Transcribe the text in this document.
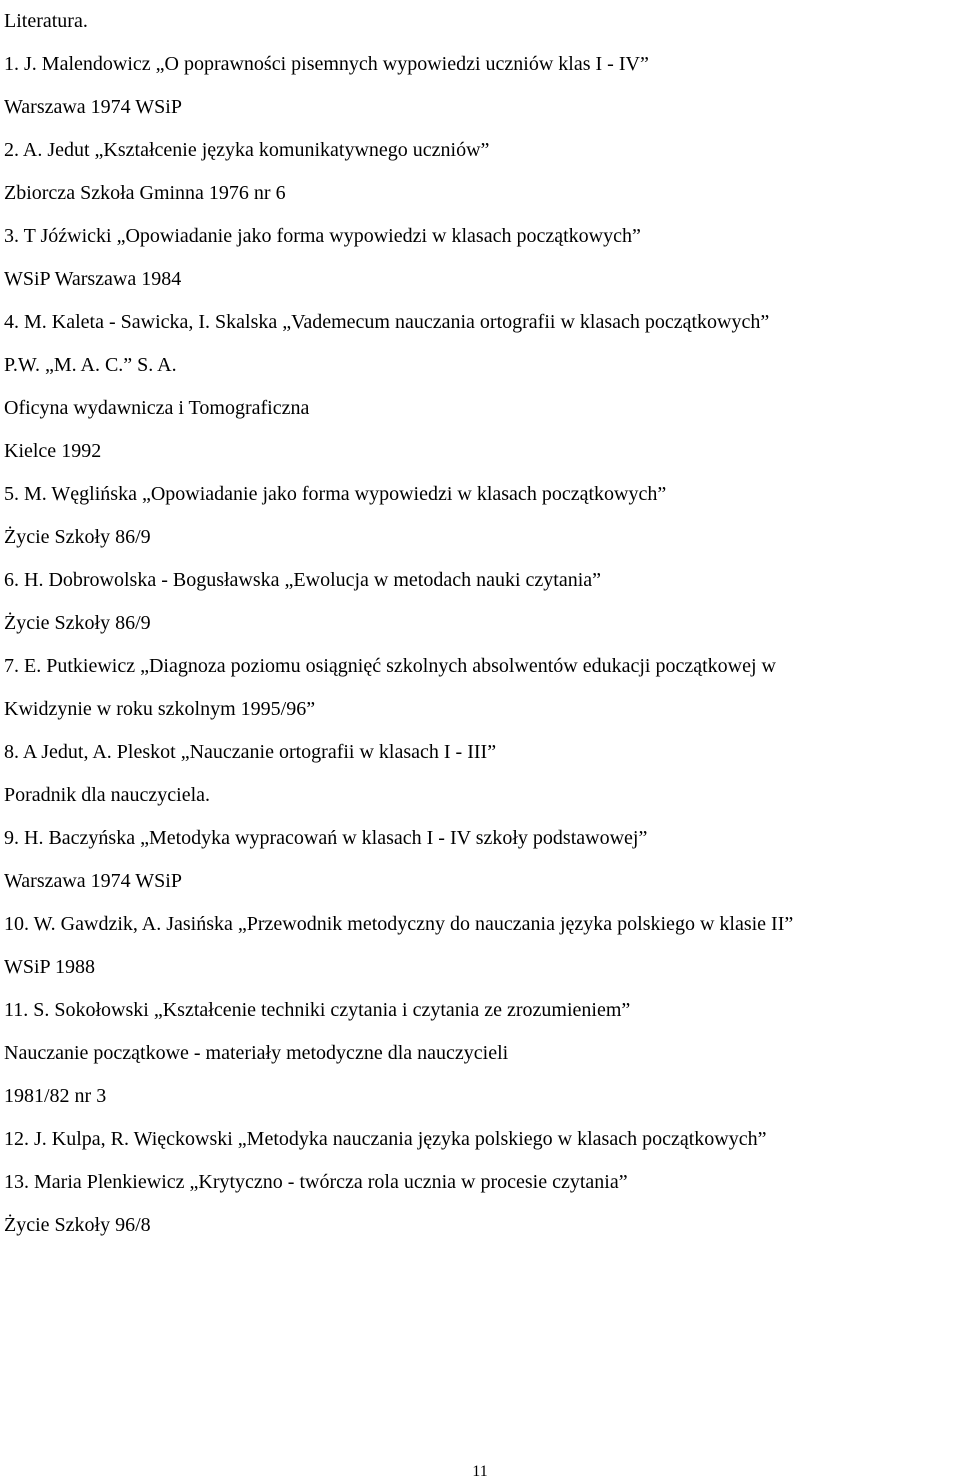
Literatura.
1. J. Malendowicz „O poprawności pisemnych wypowiedzi uczniów klas I - IV”
Warszawa 1974 WSiP
2. A. Jedut „Kształcenie języka komunikatywnego uczniów”
Zbiorcza Szkoła Gminna 1976 nr 6
3. T Jóźwicki „Opowiadanie jako forma wypowiedzi w klasach początkowych”
WSiP Warszawa 1984
4. M. Kaleta - Sawicka, I. Skalska „Vademecum nauczania ortografii w klasach początkowych”
P.W. „M. A. C.” S. A.
Oficyna wydawnicza i Tomograficzna
Kielce 1992
5. M. Węglińska „Opowiadanie jako forma wypowiedzi w klasach początkowych”
Życie Szkoły 86/9
6. H. Dobrowolska - Bogusławska „Ewolucja w metodach nauki czytania”
Życie Szkoły 86/9
7. E. Putkiewicz „Diagnoza poziomu osiągnięć szkolnych absolwentów edukacji początkowej w
Kwidzynie w roku szkolnym 1995/96”
8. A Jedut, A. Pleskot „Nauczanie ortografii w klasach I - III”
Poradnik dla nauczyciela.
9. H. Baczyńska „Metodyka wypracowań w klasach I - IV szkoły podstawowej”
Warszawa 1974 WSiP
10. W. Gawdzik, A. Jasińska „Przewodnik metodyczny do nauczania języka polskiego w klasie II”
WSiP 1988
11. S. Sokołowski „Kształcenie techniki czytania i czytania ze zrozumieniem”
Nauczanie początkowe - materiały metodyczne dla nauczycieli
1981/82 nr 3
12. J. Kulpa, R. Więckowski „Metodyka nauczania języka polskiego w klasach początkowych”
13. Maria Plenkiewicz „Krytyczno - twórcza rola ucznia w procesie czytania”
Życie Szkoły 96/8
11
